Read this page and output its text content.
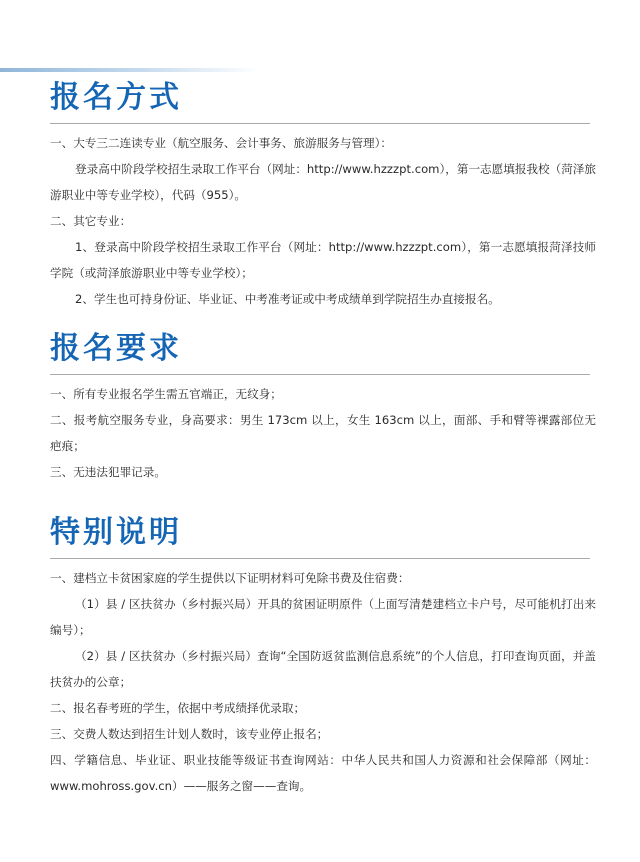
报名方式

一、大专三二连读专业（航空服务、会计事务、旅游服务与管理）：

登录高中阶段学校招生录取工作平台（网址：http://www.hzzzpt.com），第一志愿填报我校（菏泽旅游职业中等专业学校），代码（955）。

二、其它专业：

1、登录高中阶段学校招生录取工作平台（网址：http://www.hzzzpt.com），第一志愿填报菏泽技师学院（或菏泽旅游职业中等专业学校）；

2、学生也可持身份证、毕业证、中考准考证或中考成绩单到学院招生办直接报名。

报名要求

一、所有专业报名学生需五官端正，无纹身；

二、报考航空服务专业，身高要求：男生 173cm 以上，女生 163cm 以上，面部、手和臂等裸露部位无疤痕；

三、无违法犯罪记录。

特别说明

一、建档立卡贫困家庭的学生提供以下证明材料可免除书费及住宿费：

（1）县 / 区扶贫办（乡村振兴局）开具的贫困证明原件（上面写清楚建档立卡户号，尽可能机打出来编号）；

（2）县 / 区扶贫办（乡村振兴局）查询“全国防返贫监测信息系统”的个人信息，打印查询页面，并盖扶贫办的公章；

二、报名春考班的学生，依据中考成绩择优录取；

三、交费人数达到招生计划人数时，该专业停止报名；

四、学籍信息、毕业证、职业技能等级证书查询网站：中华人民共和国人力资源和社会保障部（网址：www.mohross.gov.cn）——服务之窗——查询。
